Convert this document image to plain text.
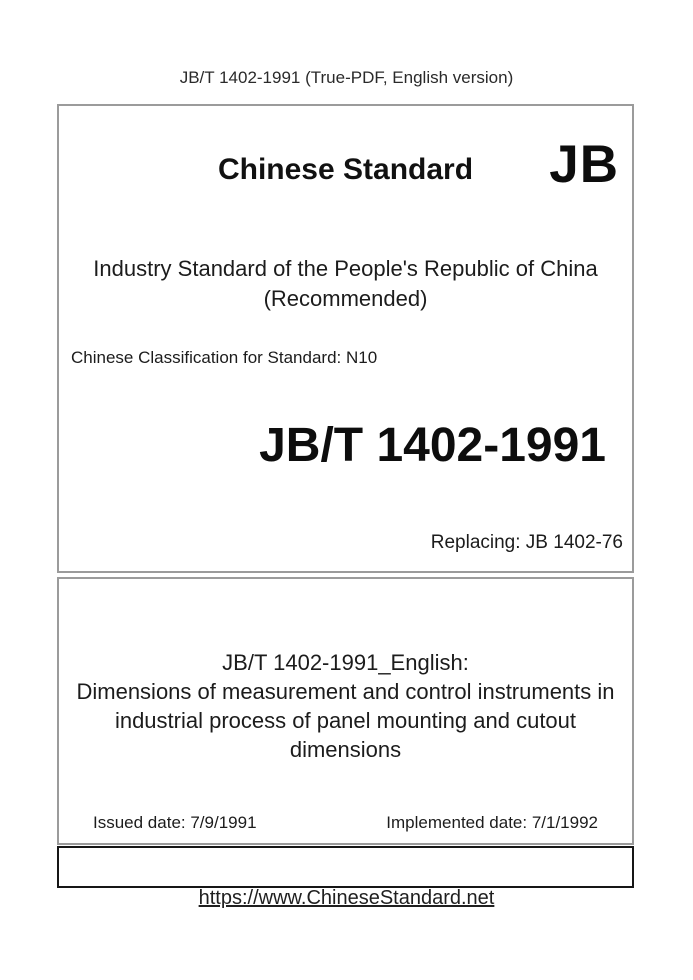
JB/T 1402-1991 (True-PDF, English version)
Chinese Standard	JB
Industry Standard of the People's Republic of China
(Recommended)
Chinese Classification for Standard: N10
JB/T 1402-1991
Replacing: JB 1402-76
JB/T 1402-1991_English:
Dimensions of measurement and control instruments in
industrial process of panel mounting and cutout dimensions
Issued date: 7/9/1991	Implemented date: 7/1/1992
https://www.ChineseStandard.net
